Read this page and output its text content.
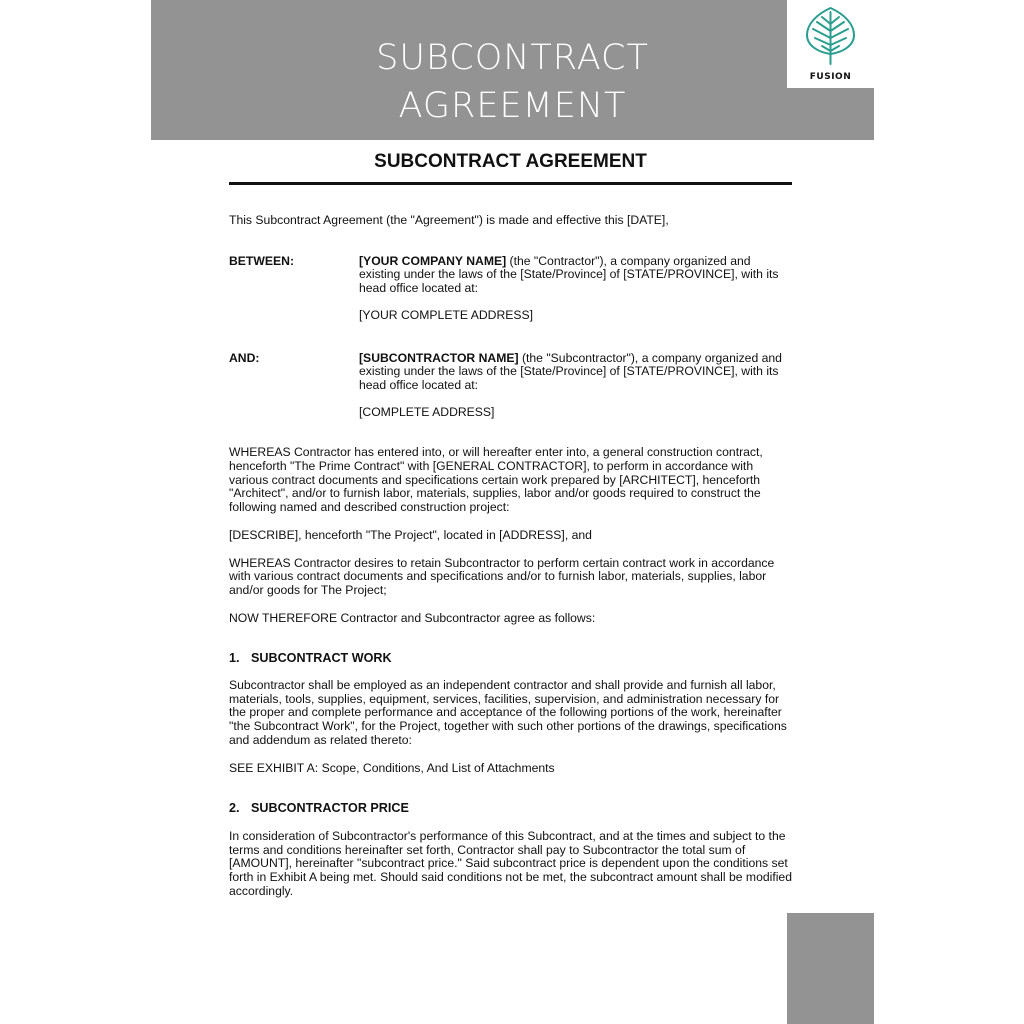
SUBCONTRACT
AGREEMENT
FUSION
SUBCONTRACT AGREEMENT

This Subcontract Agreement (the "Agreement") is made and effective this [DATE],

BETWEEN:	[YOUR COMPANY NAME] (the "Contractor"), a company organized and existing under the laws of the [State/Province] of [STATE/PROVINCE], with its head office located at:

[YOUR COMPLETE ADDRESS]

AND:	[SUBCONTRACTOR NAME] (the "Subcontractor"), a company organized and existing under the laws of the [State/Province] of [STATE/PROVINCE], with its head office located at:

[COMPLETE ADDRESS]

WHEREAS Contractor has entered into, or will hereafter enter into, a general construction contract, henceforth "The Prime Contract" with [GENERAL CONTRACTOR], to perform in accordance with various contract documents and specifications certain work prepared by [ARCHITECT], henceforth "Architect", and/or to furnish labor, materials, supplies, labor and/or goods required to construct the following named and described construction project:

[DESCRIBE], henceforth "The Project", located in [ADDRESS], and

WHEREAS Contractor desires to retain Subcontractor to perform certain contract work in accordance with various contract documents and specifications and/or to furnish labor, materials, supplies, labor and/or goods for The Project;

NOW THEREFORE Contractor and Subcontractor agree as follows:

1. SUBCONTRACT WORK

Subcontractor shall be employed as an independent contractor and shall provide and furnish all labor, materials, tools, supplies, equipment, services, facilities, supervision, and administration necessary for the proper and complete performance and acceptance of the following portions of the work, hereinafter "the Subcontract Work", for the Project, together with such other portions of the drawings, specifications and addendum as related thereto:

SEE EXHIBIT A: Scope, Conditions, And List of Attachments

2. SUBCONTRACTOR PRICE

In consideration of Subcontractor's performance of this Subcontract, and at the times and subject to the terms and conditions hereinafter set forth, Contractor shall pay to Subcontractor the total sum of [AMOUNT], hereinafter "subcontract price." Said subcontract price is dependent upon the conditions set forth in Exhibit A being met. Should said conditions not be met, the subcontract amount shall be modified accordingly.
